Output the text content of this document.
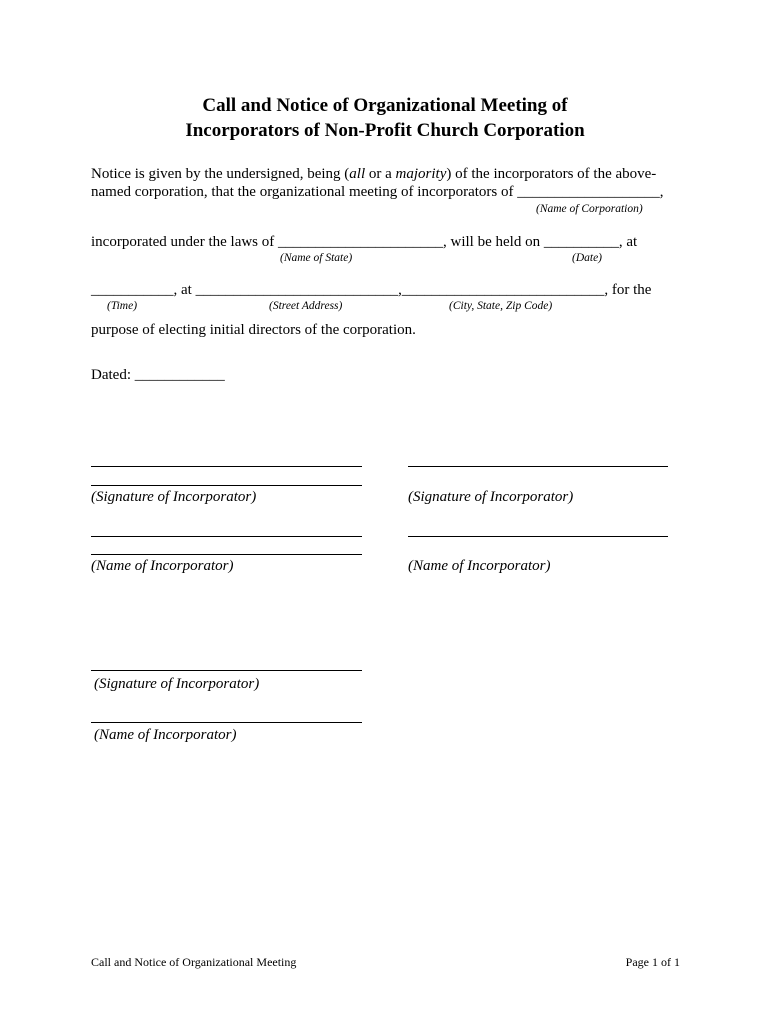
Call and Notice of Organizational Meeting of
Incorporators of Non-Profit Church Corporation
Notice is given by the undersigned, being (all or a majority) of the incorporators of the above-
named corporation, that the organizational meeting of incorporators of ___________________,
(Name of Corporation)
incorporated under the laws of ______________________, will be held on __________, at
(Name of State)	(Date)
___________, at ___________________________,___________________________, for the
(Time)	(Street Address)	(City, State, Zip Code)
purpose of electing initial directors of the corporation.
Dated: ____________
(Signature of Incorporator)	(Signature of Incorporator)
(Name of Incorporator)	(Name of Incorporator)
(Signature of Incorporator)
(Name of Incorporator)
Call and Notice of Organizational Meeting	Page 1 of 1
